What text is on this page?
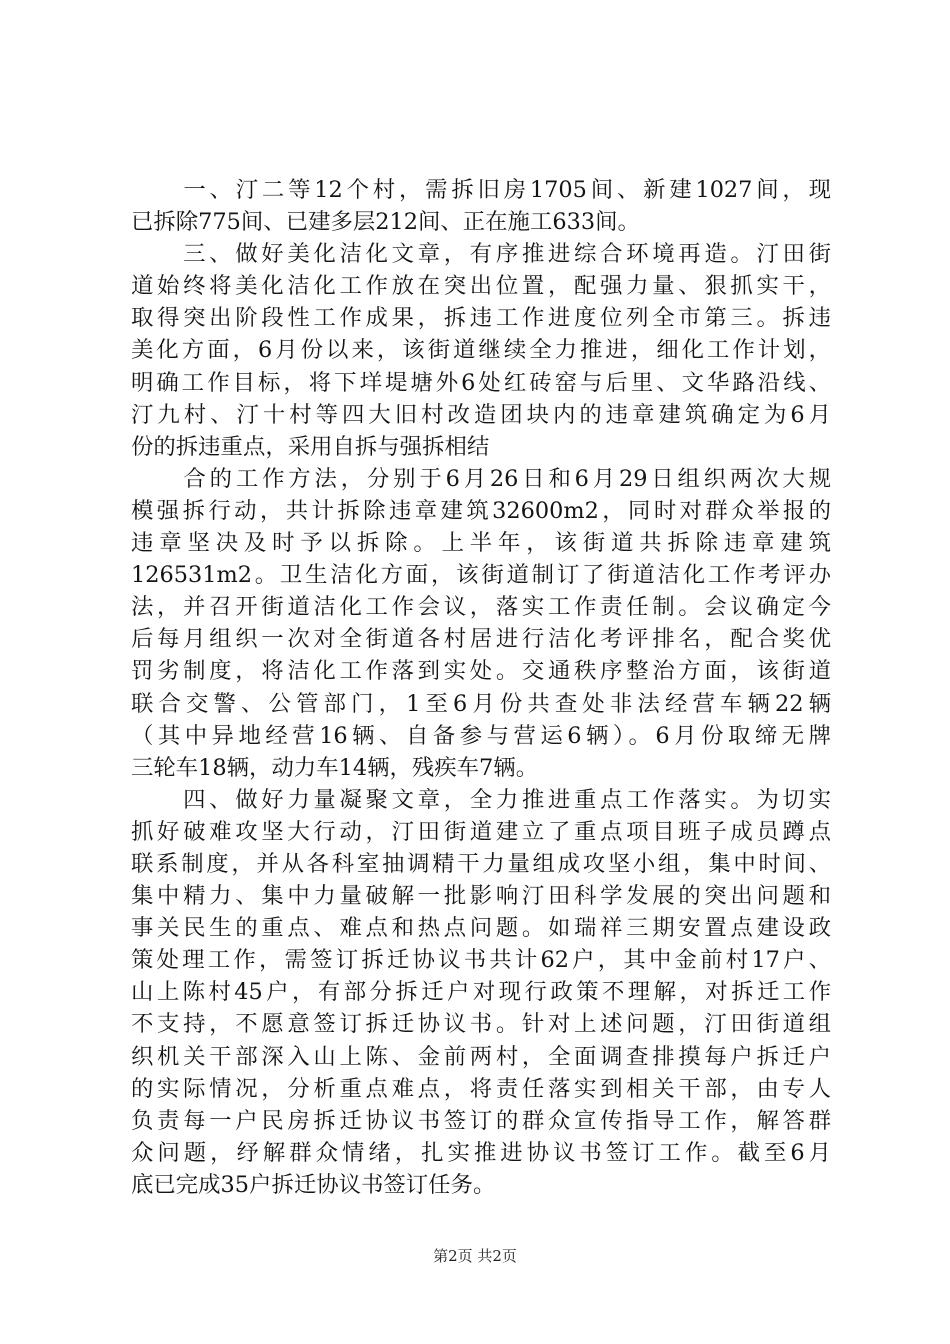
　　一、汀二等12个村，需拆旧房1705间、新建1027间，现
已拆除775间、已建多层212间、正在施工633间。
　　三、做好美化洁化文章，有序推进综合环境再造。汀田街
道始终将美化洁化工作放在突出位置，配强力量、狠抓实干，
取得突出阶段性工作成果，拆违工作进度位列全市第三。拆违
美化方面，6月份以来，该街道继续全力推进，细化工作计划，
明确工作目标，将下垟堤塘外6处红砖窑与后里、文华路沿线、
汀九村、汀十村等四大旧村改造团块内的违章建筑确定为6月
份的拆违重点，采用自拆与强拆相结
　　合的工作方法，分别于6月26日和6月29日组织两次大规
模强拆行动，共计拆除违章建筑32600m2，同时对群众举报的
违章坚决及时予以拆除。上半年，该街道共拆除违章建筑
126531m2。卫生洁化方面，该街道制订了街道洁化工作考评办
法，并召开街道洁化工作会议，落实工作责任制。会议确定今
后每月组织一次对全街道各村居进行洁化考评排名，配合奖优
罚劣制度，将洁化工作落到实处。交通秩序整治方面，该街道
联合交警、公管部门，1至6月份共查处非法经营车辆22辆
（其中异地经营16辆、自备参与营运6辆）。6月份取缔无牌
三轮车18辆，动力车14辆，残疾车7辆。
　　四、做好力量凝聚文章，全力推进重点工作落实。为切实
抓好破难攻坚大行动，汀田街道建立了重点项目班子成员蹲点
联系制度，并从各科室抽调精干力量组成攻坚小组，集中时间、
集中精力、集中力量破解一批影响汀田科学发展的突出问题和
事关民生的重点、难点和热点问题。如瑞祥三期安置点建设政
策处理工作，需签订拆迁协议书共计62户，其中金前村17户、
山上陈村45户，有部分拆迁户对现行政策不理解，对拆迁工作
不支持，不愿意签订拆迁协议书。针对上述问题，汀田街道组
织机关干部深入山上陈、金前两村，全面调查排摸每户拆迁户
的实际情况，分析重点难点，将责任落实到相关干部，由专人
负责每一户民房拆迁协议书签订的群众宣传指导工作，解答群
众问题，纾解群众情绪，扎实推进协议书签订工作。截至6月
底已完成35户拆迁协议书签订任务。
第2页 共2页
